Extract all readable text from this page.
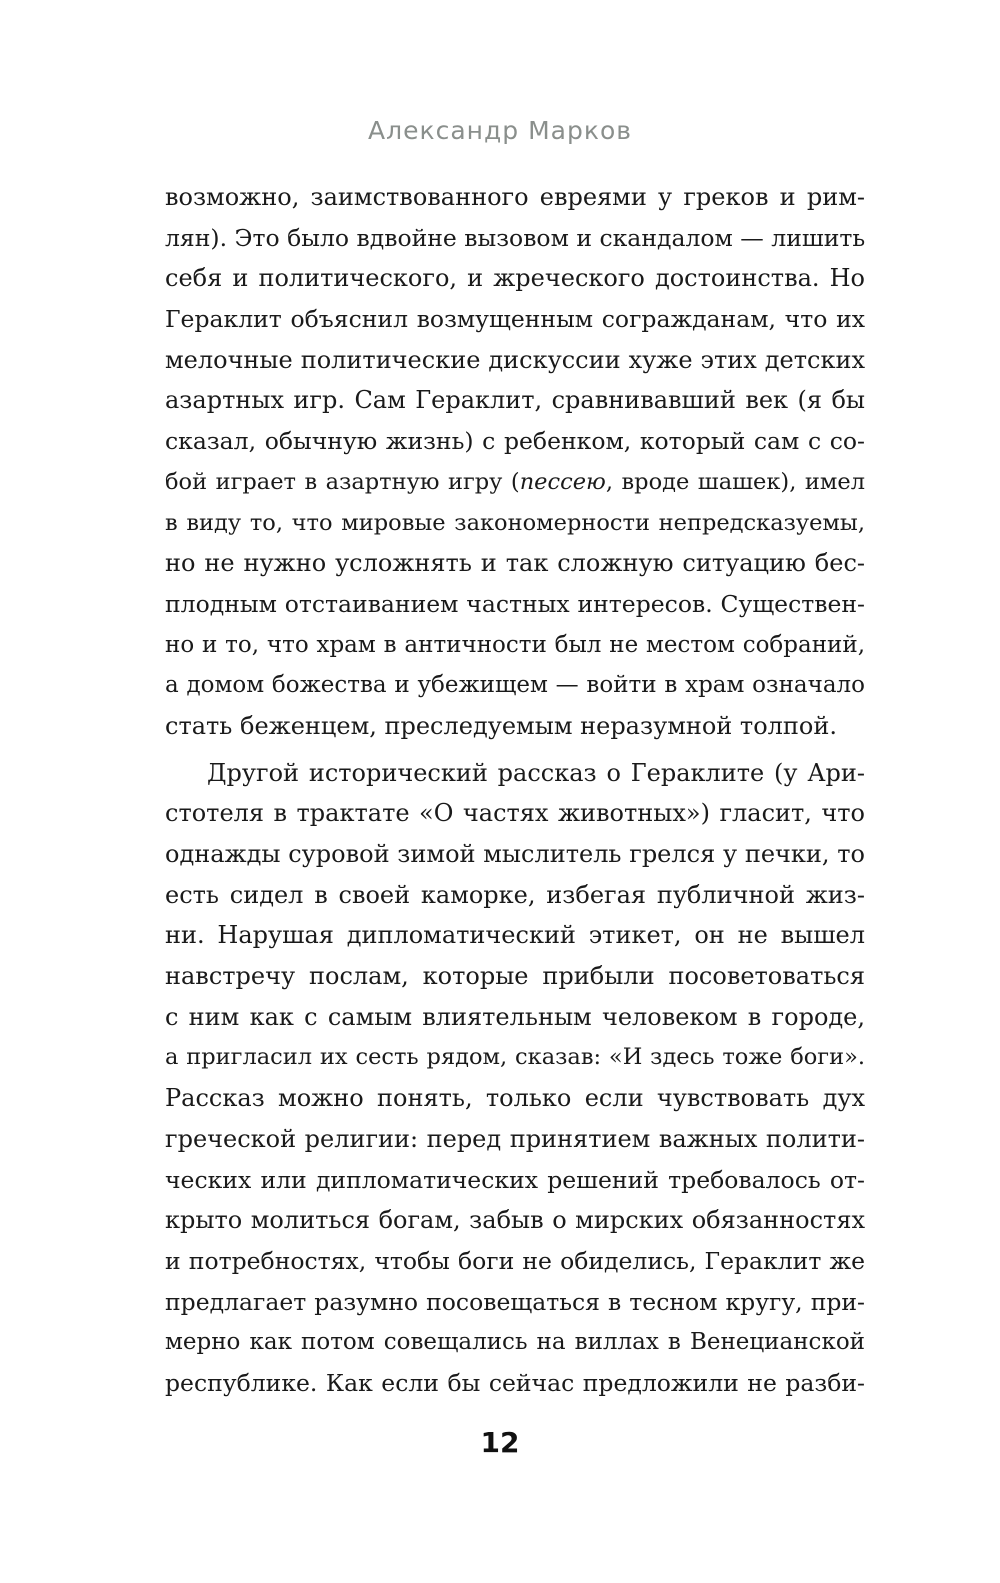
Александр Марков
возможно, заимствованного евреями у греков и рим-
лян). Это было вдвойне вызовом и скандалом — лишить
себя и политического, и жреческого достоинства. Но
Гераклит объяснил возмущенным согражданам, что их
мелочные политические дискуссии хуже этих детских
азартных игр. Сам Гераклит, сравнивавший век (я бы
сказал, обычную жизнь) с ребенком, который сам с со-
бой играет в азартную игру (пессею, вроде шашек), имел
в виду то, что мировые закономерности непредсказуемы,
но не нужно усложнять и так сложную ситуацию бес-
плодным отстаиванием частных интересов. Существен-
но и то, что храм в античности был не местом собраний,
а домом божества и убежищем — войти в храм означало
стать беженцем, преследуемым неразумной толпой.
Другой исторический рассказ о Гераклите (у Ари-
стотеля в трактате «О частях животных») гласит, что
однажды суровой зимой мыслитель грелся у печки, то
есть сидел в своей каморке, избегая публичной жиз-
ни. Нарушая дипломатический этикет, он не вышел
навстречу послам, которые прибыли посоветоваться
с ним как с самым влиятельным человеком в городе,
а пригласил их сесть рядом, сказав: «И здесь тоже боги».
Рассказ можно понять, только если чувствовать дух
греческой религии: перед принятием важных полити-
ческих или дипломатических решений требовалось от-
крыто молиться богам, забыв о мирских обязанностях
и потребностях, чтобы боги не обиделись, Гераклит же
предлагает разумно посовещаться в тесном кругу, при-
мерно как потом совещались на виллах в Венецианской
республике. Как если бы сейчас предложили не разби-
12
